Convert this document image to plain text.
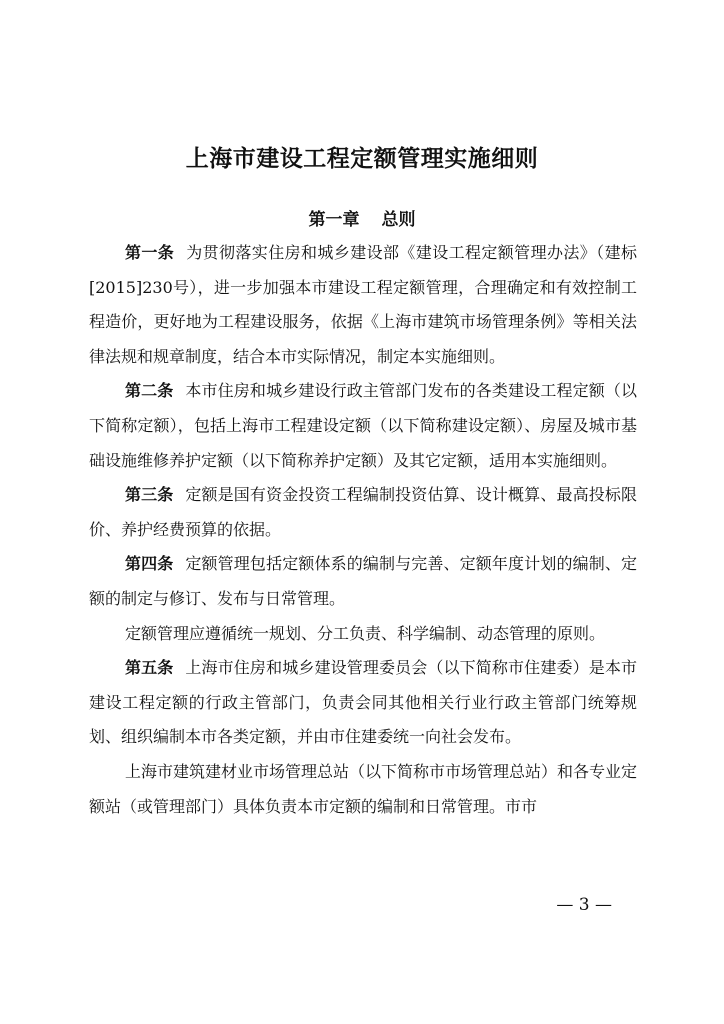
上海市建设工程定额管理实施细则
第一章 总则

第一条 为贯彻落实住房和城乡建设部《建设工程定额管理办法》（建标[2015]230号），进一步加强本市建设工程定额管理，合理确定和有效控制工程造价，更好地为工程建设服务，依据《上海市建筑市场管理条例》等相关法律法规和规章制度，结合本市实际情况，制定本实施细则。

第二条 本市住房和城乡建设行政主管部门发布的各类建设工程定额（以下简称定额），包括上海市工程建设定额（以下简称建设定额）、房屋及城市基础设施维修养护定额（以下简称养护定额）及其它定额，适用本实施细则。

第三条 定额是国有资金投资工程编制投资估算、设计概算、最高投标限价、养护经费预算的依据。

第四条 定额管理包括定额体系的编制与完善、定额年度计划的编制、定额的制定与修订、发布与日常管理。

定额管理应遵循统一规划、分工负责、科学编制、动态管理的原则。

第五条 上海市住房和城乡建设管理委员会（以下简称市住建委）是本市建设工程定额的行政主管部门，负责会同其他相关行业行政主管部门统筹规划、组织编制本市各类定额，并由市住建委统一向社会发布。

上海市建筑建材业市场管理总站（以下简称市市场管理总站）和各专业定额站（或管理部门）具体负责本市定额的编制和日常管理。市市

— 3 —
